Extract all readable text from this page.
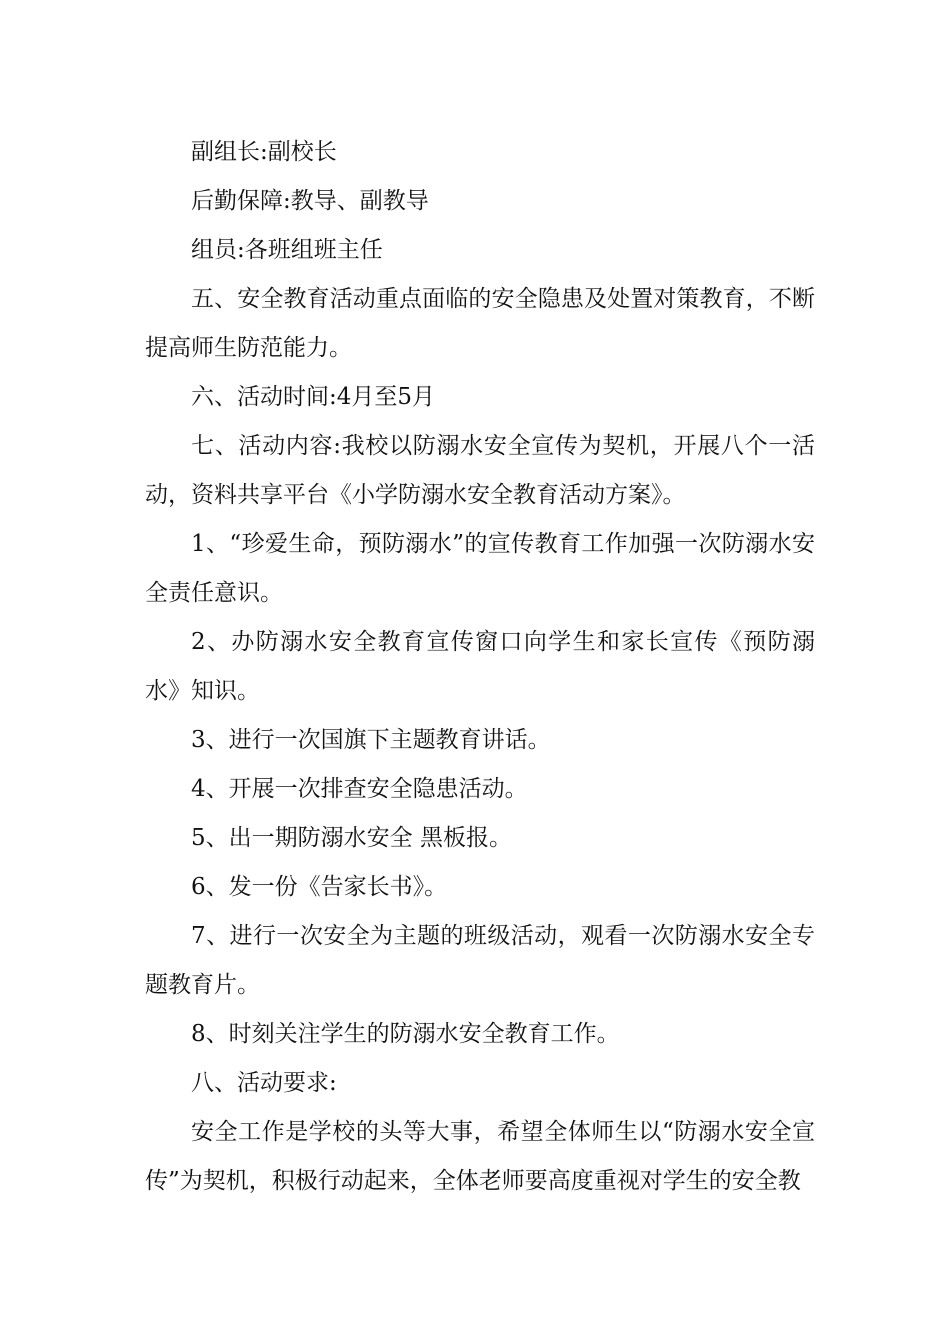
副组长:副校长

后勤保障:教导、副教导

组员:各班组班主任

五、安全教育活动重点面临的安全隐患及处置对策教育，不断提高师生防范能力。

六、活动时间:4月至5月

七、活动内容:我校以防溺水安全宣传为契机，开展八个一活动，资料共享平台《小学防溺水安全教育活动方案》。

1、“珍爱生命，预防溺水”的宣传教育工作加强一次防溺水安全责任意识。

2、办防溺水安全教育宣传窗口向学生和家长宣传《预防溺水》知识。

3、进行一次国旗下主题教育讲话。

4、开展一次排查安全隐患活动。

5、出一期防溺水安全 黑板报。

6、发一份《告家长书》。

7、进行一次安全为主题的班级活动，观看一次防溺水安全专题教育片。

8、时刻关注学生的防溺水安全教育工作。

八、活动要求:

安全工作是学校的头等大事，希望全体师生以“防溺水安全宣传”为契机，积极行动起来，全体老师要高度重视对学生的安全教
